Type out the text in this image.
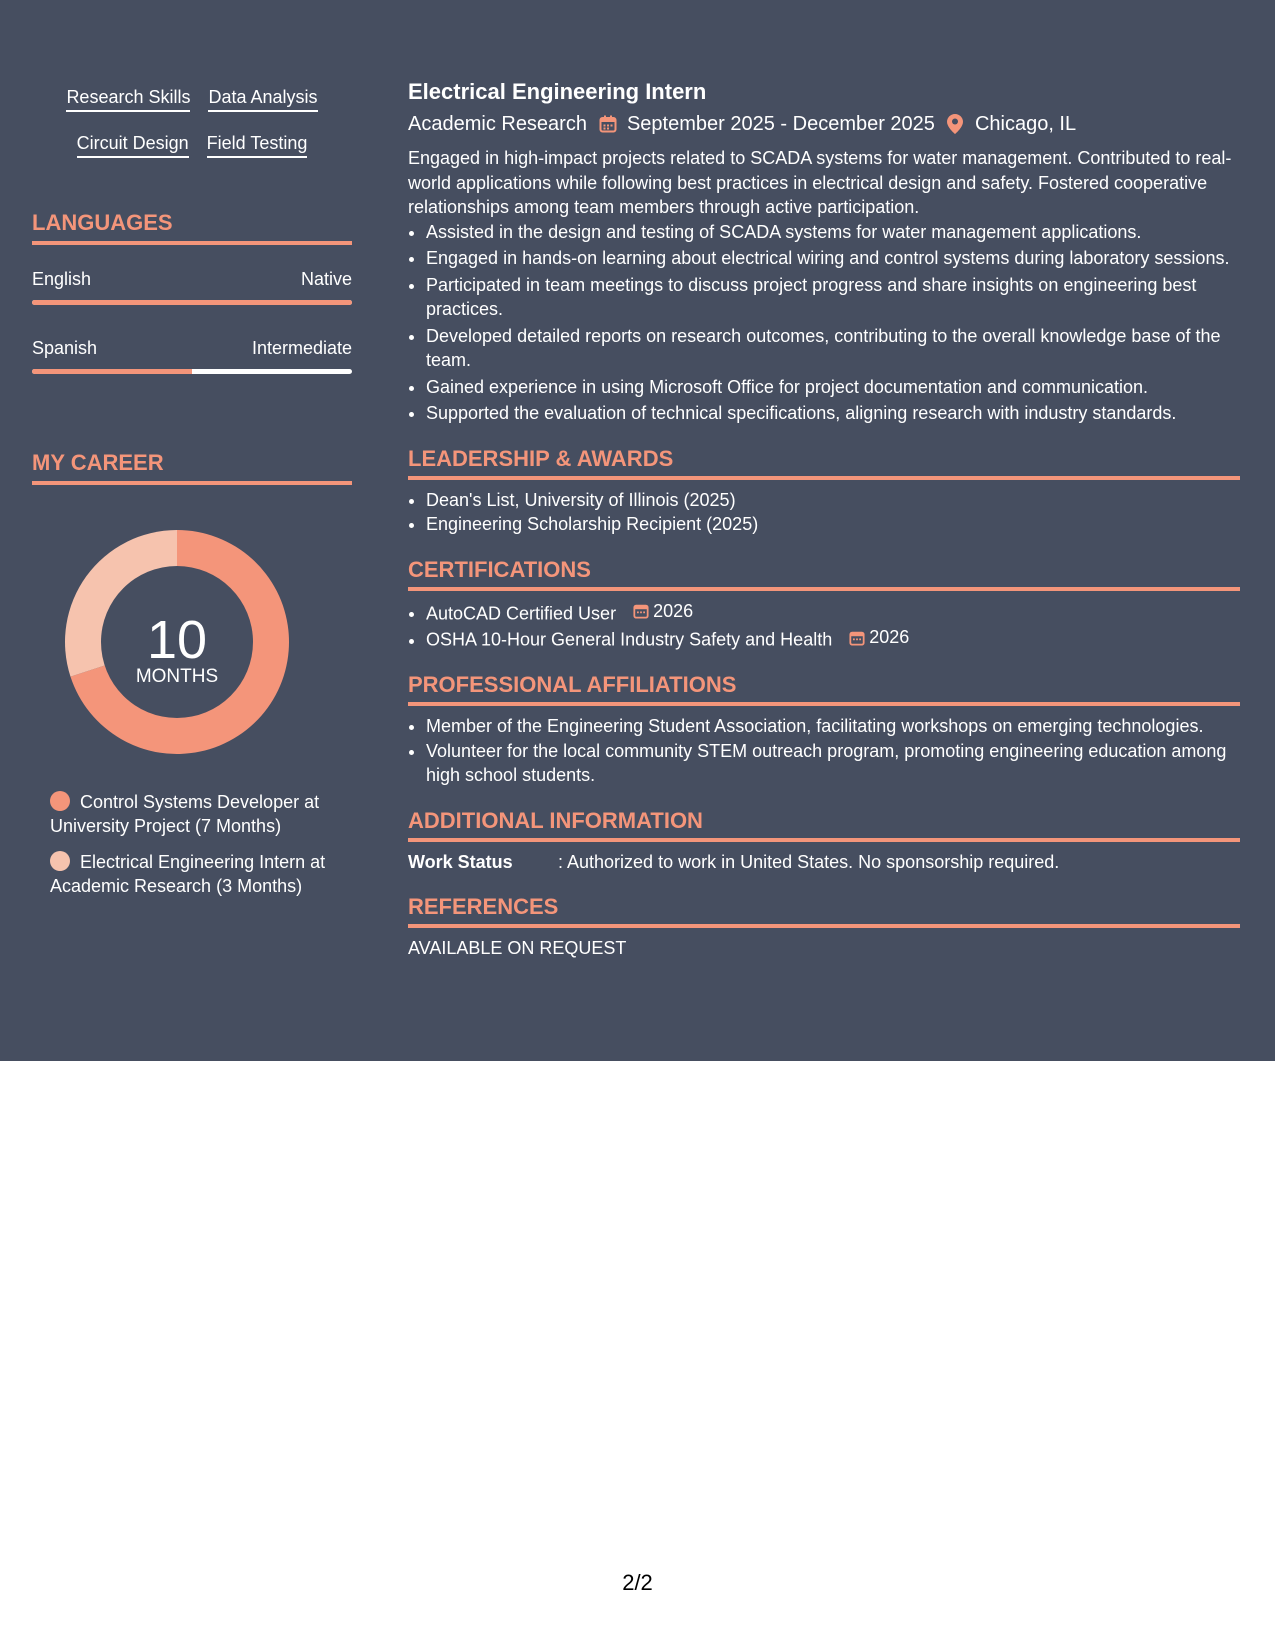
Research Skills Data Analysis
Circuit Design Field Testing
LANGUAGES
English	Native
Spanish	Intermediate
MY CAREER
10
MONTHS
Control Systems Developer at University Project (7 Months)
Electrical Engineering Intern at Academic Research (3 Months)
Electrical Engineering Intern
Academic Research September 2025 - December 2025 Chicago, IL
Engaged in high-impact projects related to SCADA systems for water management. Contributed to real-world applications while following best practices in electrical design and safety. Fostered cooperative relationships among team members through active participation.
• Assisted in the design and testing of SCADA systems for water management applications.
• Engaged in hands-on learning about electrical wiring and control systems during laboratory sessions.
• Participated in team meetings to discuss project progress and share insights on engineering best practices.
• Developed detailed reports on research outcomes, contributing to the overall knowledge base of the team.
• Gained experience in using Microsoft Office for project documentation and communication.
• Supported the evaluation of technical specifications, aligning research with industry standards.
LEADERSHIP & AWARDS
• Dean's List, University of Illinois (2025)
• Engineering Scholarship Recipient (2025)
CERTIFICATIONS
• AutoCAD Certified User 2026
• OSHA 10-Hour General Industry Safety and Health 2026
PROFESSIONAL AFFILIATIONS
• Member of the Engineering Student Association, facilitating workshops on emerging technologies.
• Volunteer for the local community STEM outreach program, promoting engineering education among high school students.
ADDITIONAL INFORMATION
Work Status	: Authorized to work in United States. No sponsorship required.
REFERENCES
AVAILABLE ON REQUEST
2/2
